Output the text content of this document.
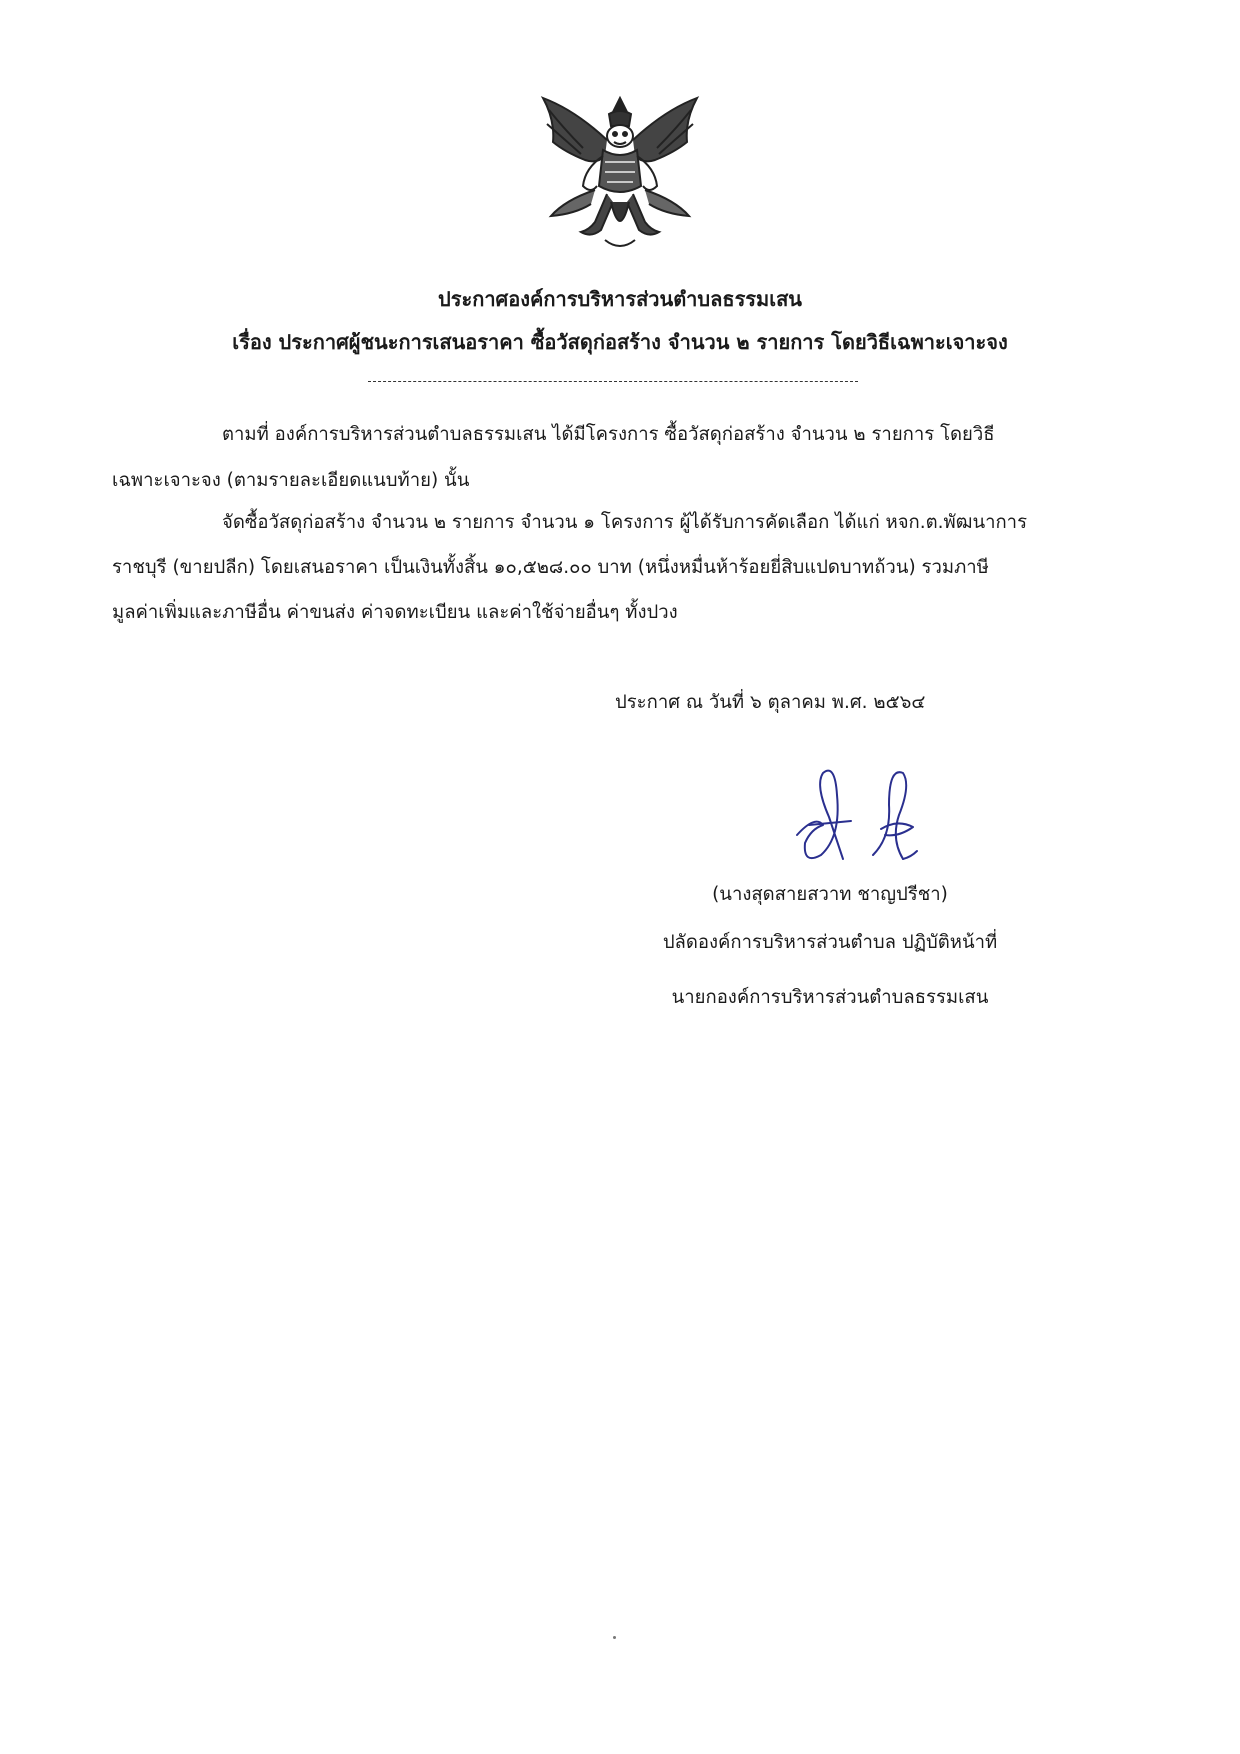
ประกาศองค์การบริหารส่วนตำบลธรรมเสน
เรื่อง ประกาศผู้ชนะการเสนอราคา ซื้อวัสดุก่อสร้าง จำนวน ๒ รายการ โดยวิธีเฉพาะเจาะจง
ตามที่ องค์การบริหารส่วนตำบลธรรมเสน ได้มีโครงการ ซื้อวัสดุก่อสร้าง จำนวน ๒ รายการ โดยวิธี
เฉพาะเจาะจง (ตามรายละเอียดแนบท้าย) นั้น
จัดซื้อวัสดุก่อสร้าง จำนวน ๒ รายการ จำนวน ๑ โครงการ ผู้ได้รับการคัดเลือก ได้แก่ หจก.ต.พัฒนาการ
ราชบุรี (ขายปลีก) โดยเสนอราคา เป็นเงินทั้งสิ้น ๑๐,๕๒๘.๐๐ บาท (หนึ่งหมื่นห้าร้อยยี่สิบแปดบาทถ้วน) รวมภาษี
มูลค่าเพิ่มและภาษีอื่น ค่าขนส่ง ค่าจดทะเบียน และค่าใช้จ่ายอื่นๆ ทั้งปวง
ประกาศ ณ วันที่ ๖ ตุลาคม พ.ศ. ๒๕๖๔
(นางสุดสายสวาท ชาญปรีชา)
ปลัดองค์การบริหารส่วนตำบล ปฏิบัติหน้าที่
นายกองค์การบริหารส่วนตำบลธรรมเสน
